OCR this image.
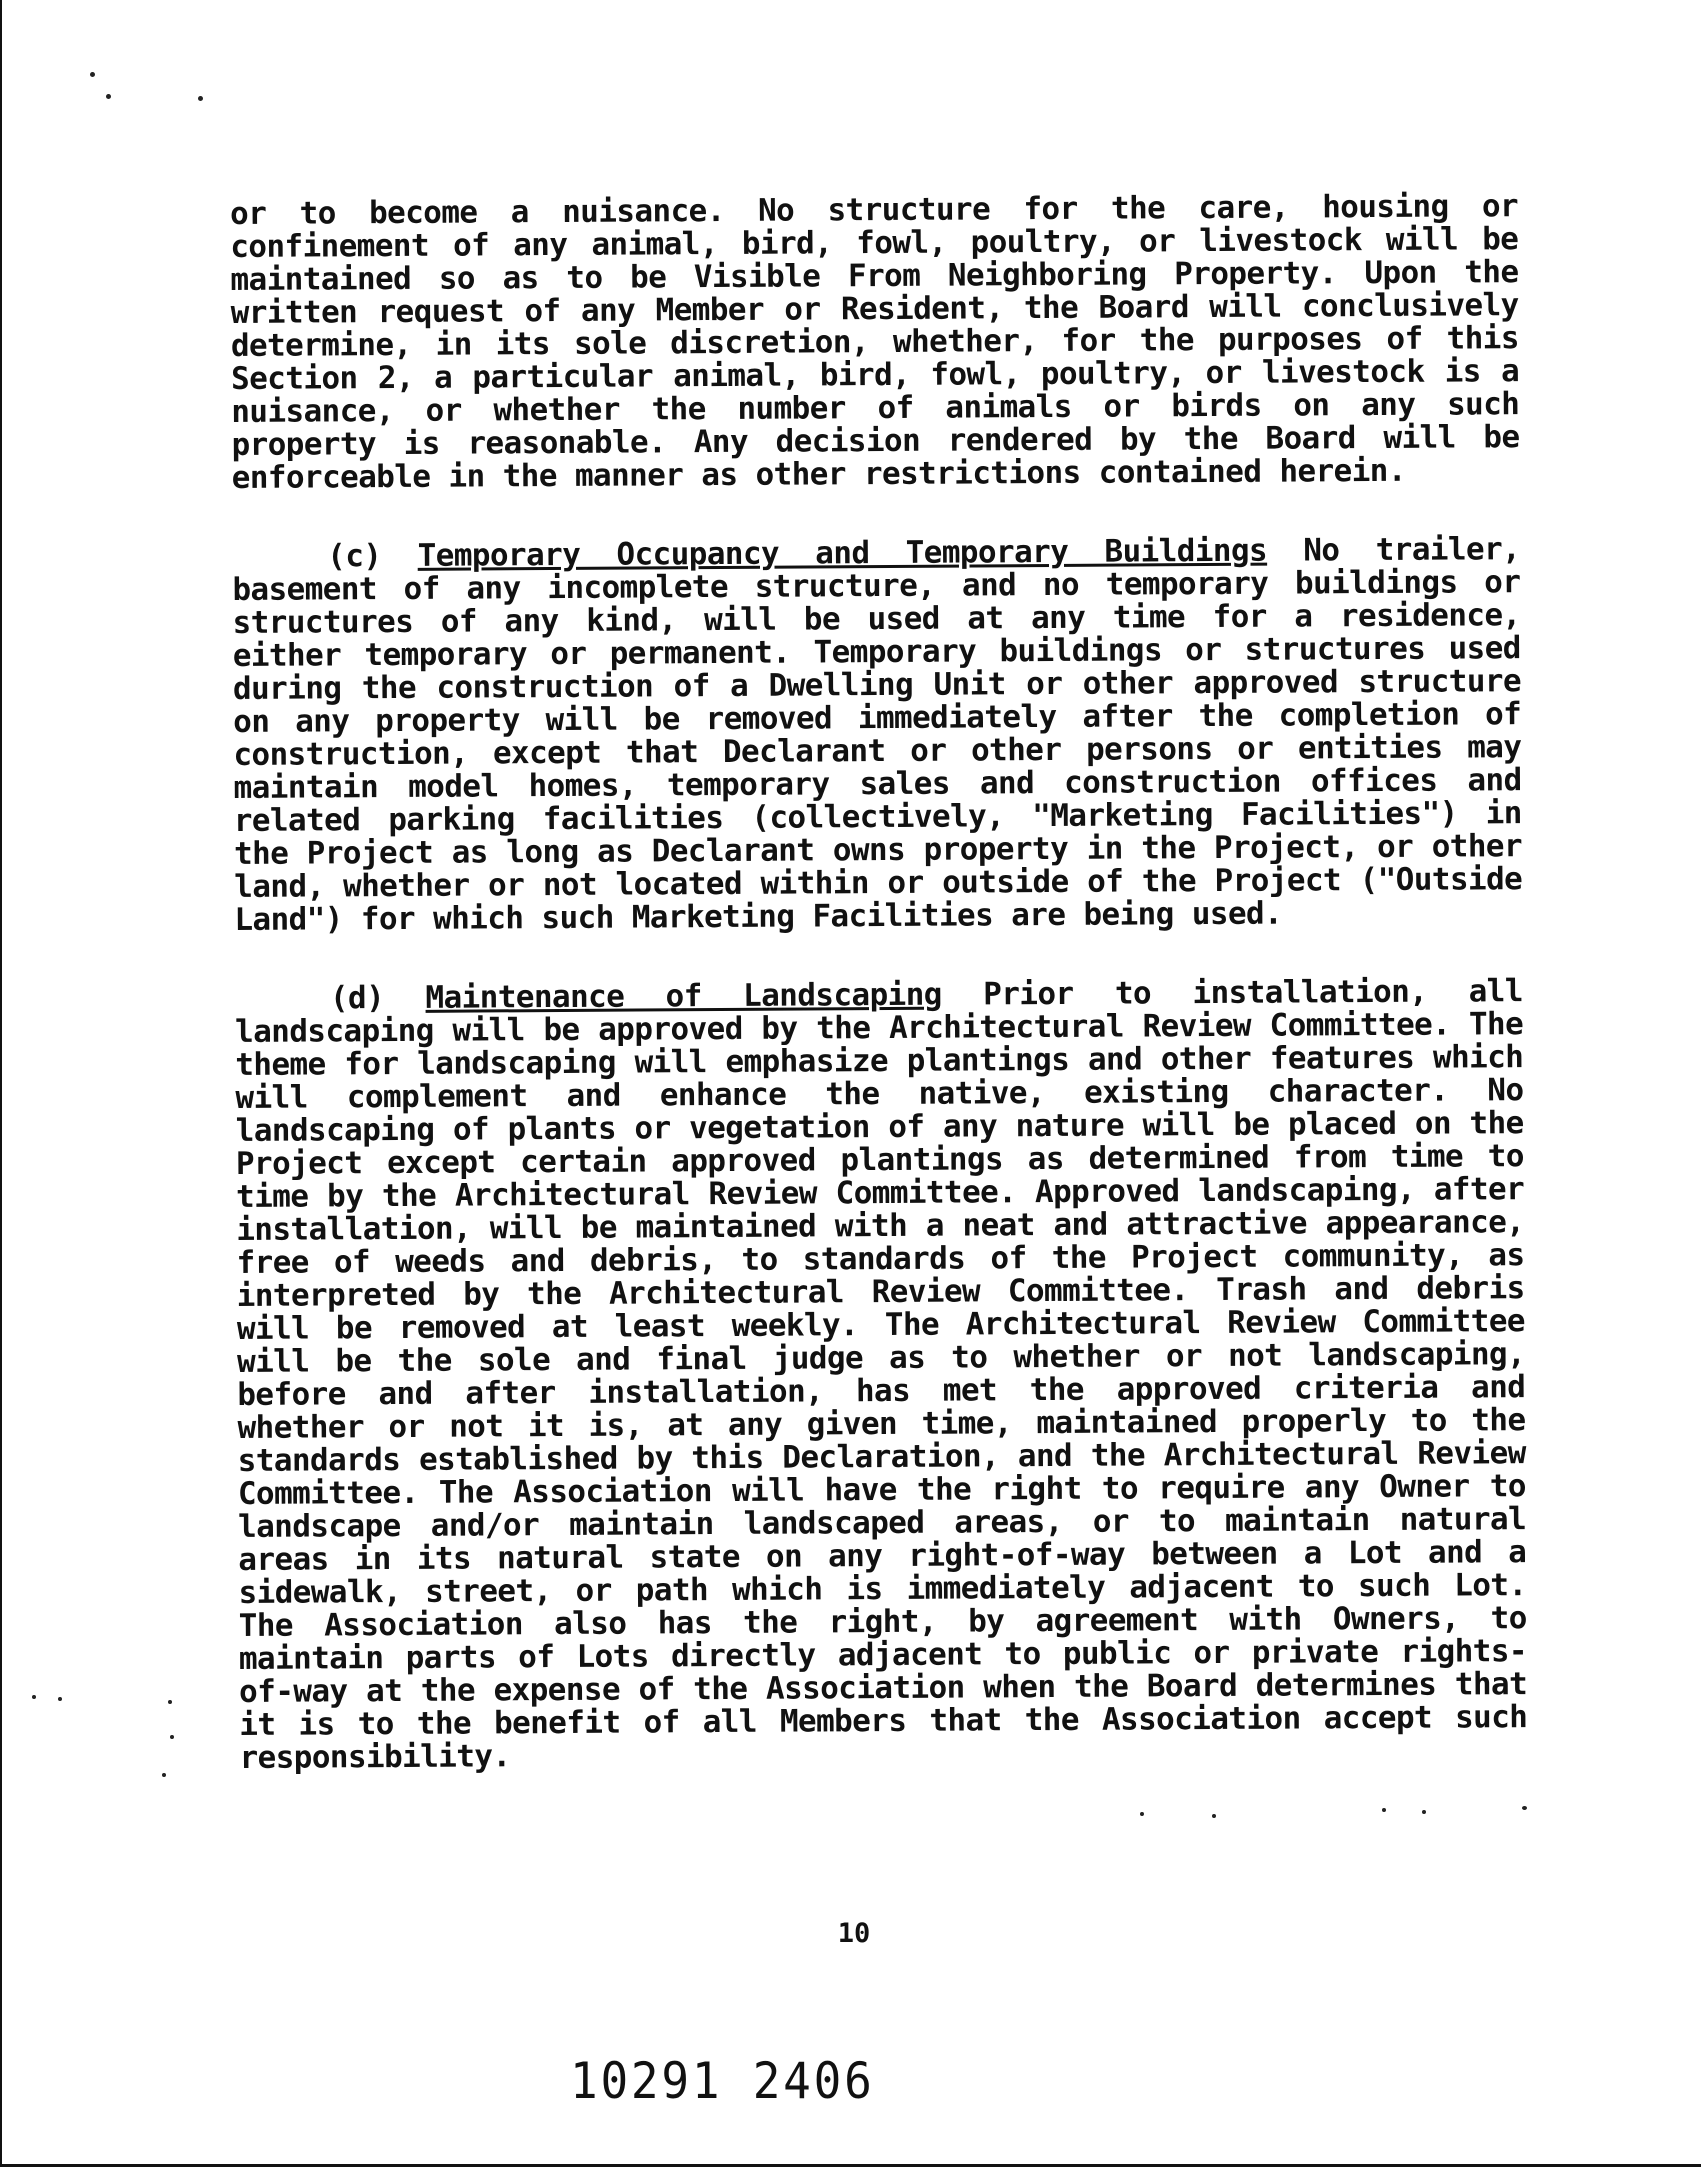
or to become a nuisance. No structure for the care, housing or confinement of any animal, bird, fowl, poultry, or livestock will be maintained so as to be Visible From Neighboring Property. Upon the written request of any Member or Resident, the Board will conclusively determine, in its sole discretion, whether, for the purposes of this Section 2, a particular animal, bird, fowl, poultry, or livestock is a nuisance, or whether the number of animals or birds on any such property is reasonable. Any decision rendered by the Board will be enforceable in the manner as other restrictions contained herein.

(c) Temporary Occupancy and Temporary Buildings No trailer, basement of any incomplete structure, and no temporary buildings or structures of any kind, will be used at any time for a residence, either temporary or permanent. Temporary buildings or structures used during the construction of a Dwelling Unit or other approved structure on any property will be removed immediately after the completion of construction, except that Declarant or other persons or entities may maintain model homes, temporary sales and construction offices and related parking facilities (collectively, "Marketing Facilities") in the Project as long as Declarant owns property in the Project, or other land, whether or not located within or outside of the Project ("Outside Land") for which such Marketing Facilities are being used.

(d) Maintenance of Landscaping Prior to installation, all landscaping will be approved by the Architectural Review Committee. The theme for landscaping will emphasize plantings and other features which will complement and enhance the native, existing character. No landscaping of plants or vegetation of any nature will be placed on the Project except certain approved plantings as determined from time to time by the Architectural Review Committee. Approved landscaping, after installation, will be maintained with a neat and attractive appearance, free of weeds and debris, to standards of the Project community, as interpreted by the Architectural Review Committee. Trash and debris will be removed at least weekly. The Architectural Review Committee will be the sole and final judge as to whether or not landscaping, before and after installation, has met the approved criteria and whether or not it is, at any given time, maintained properly to the standards established by this Declaration, and the Architectural Review Committee. The Association will have the right to require any Owner to landscape and/or maintain landscaped areas, or to maintain natural areas in its natural state on any right-of-way between a Lot and a sidewalk, street, or path which is immediately adjacent to such Lot. The Association also has the right, by agreement with Owners, to maintain parts of Lots directly adjacent to public or private rights-of-way at the expense of the Association when the Board determines that it is to the benefit of all Members that the Association accept such responsibility.

10
10291 2406
